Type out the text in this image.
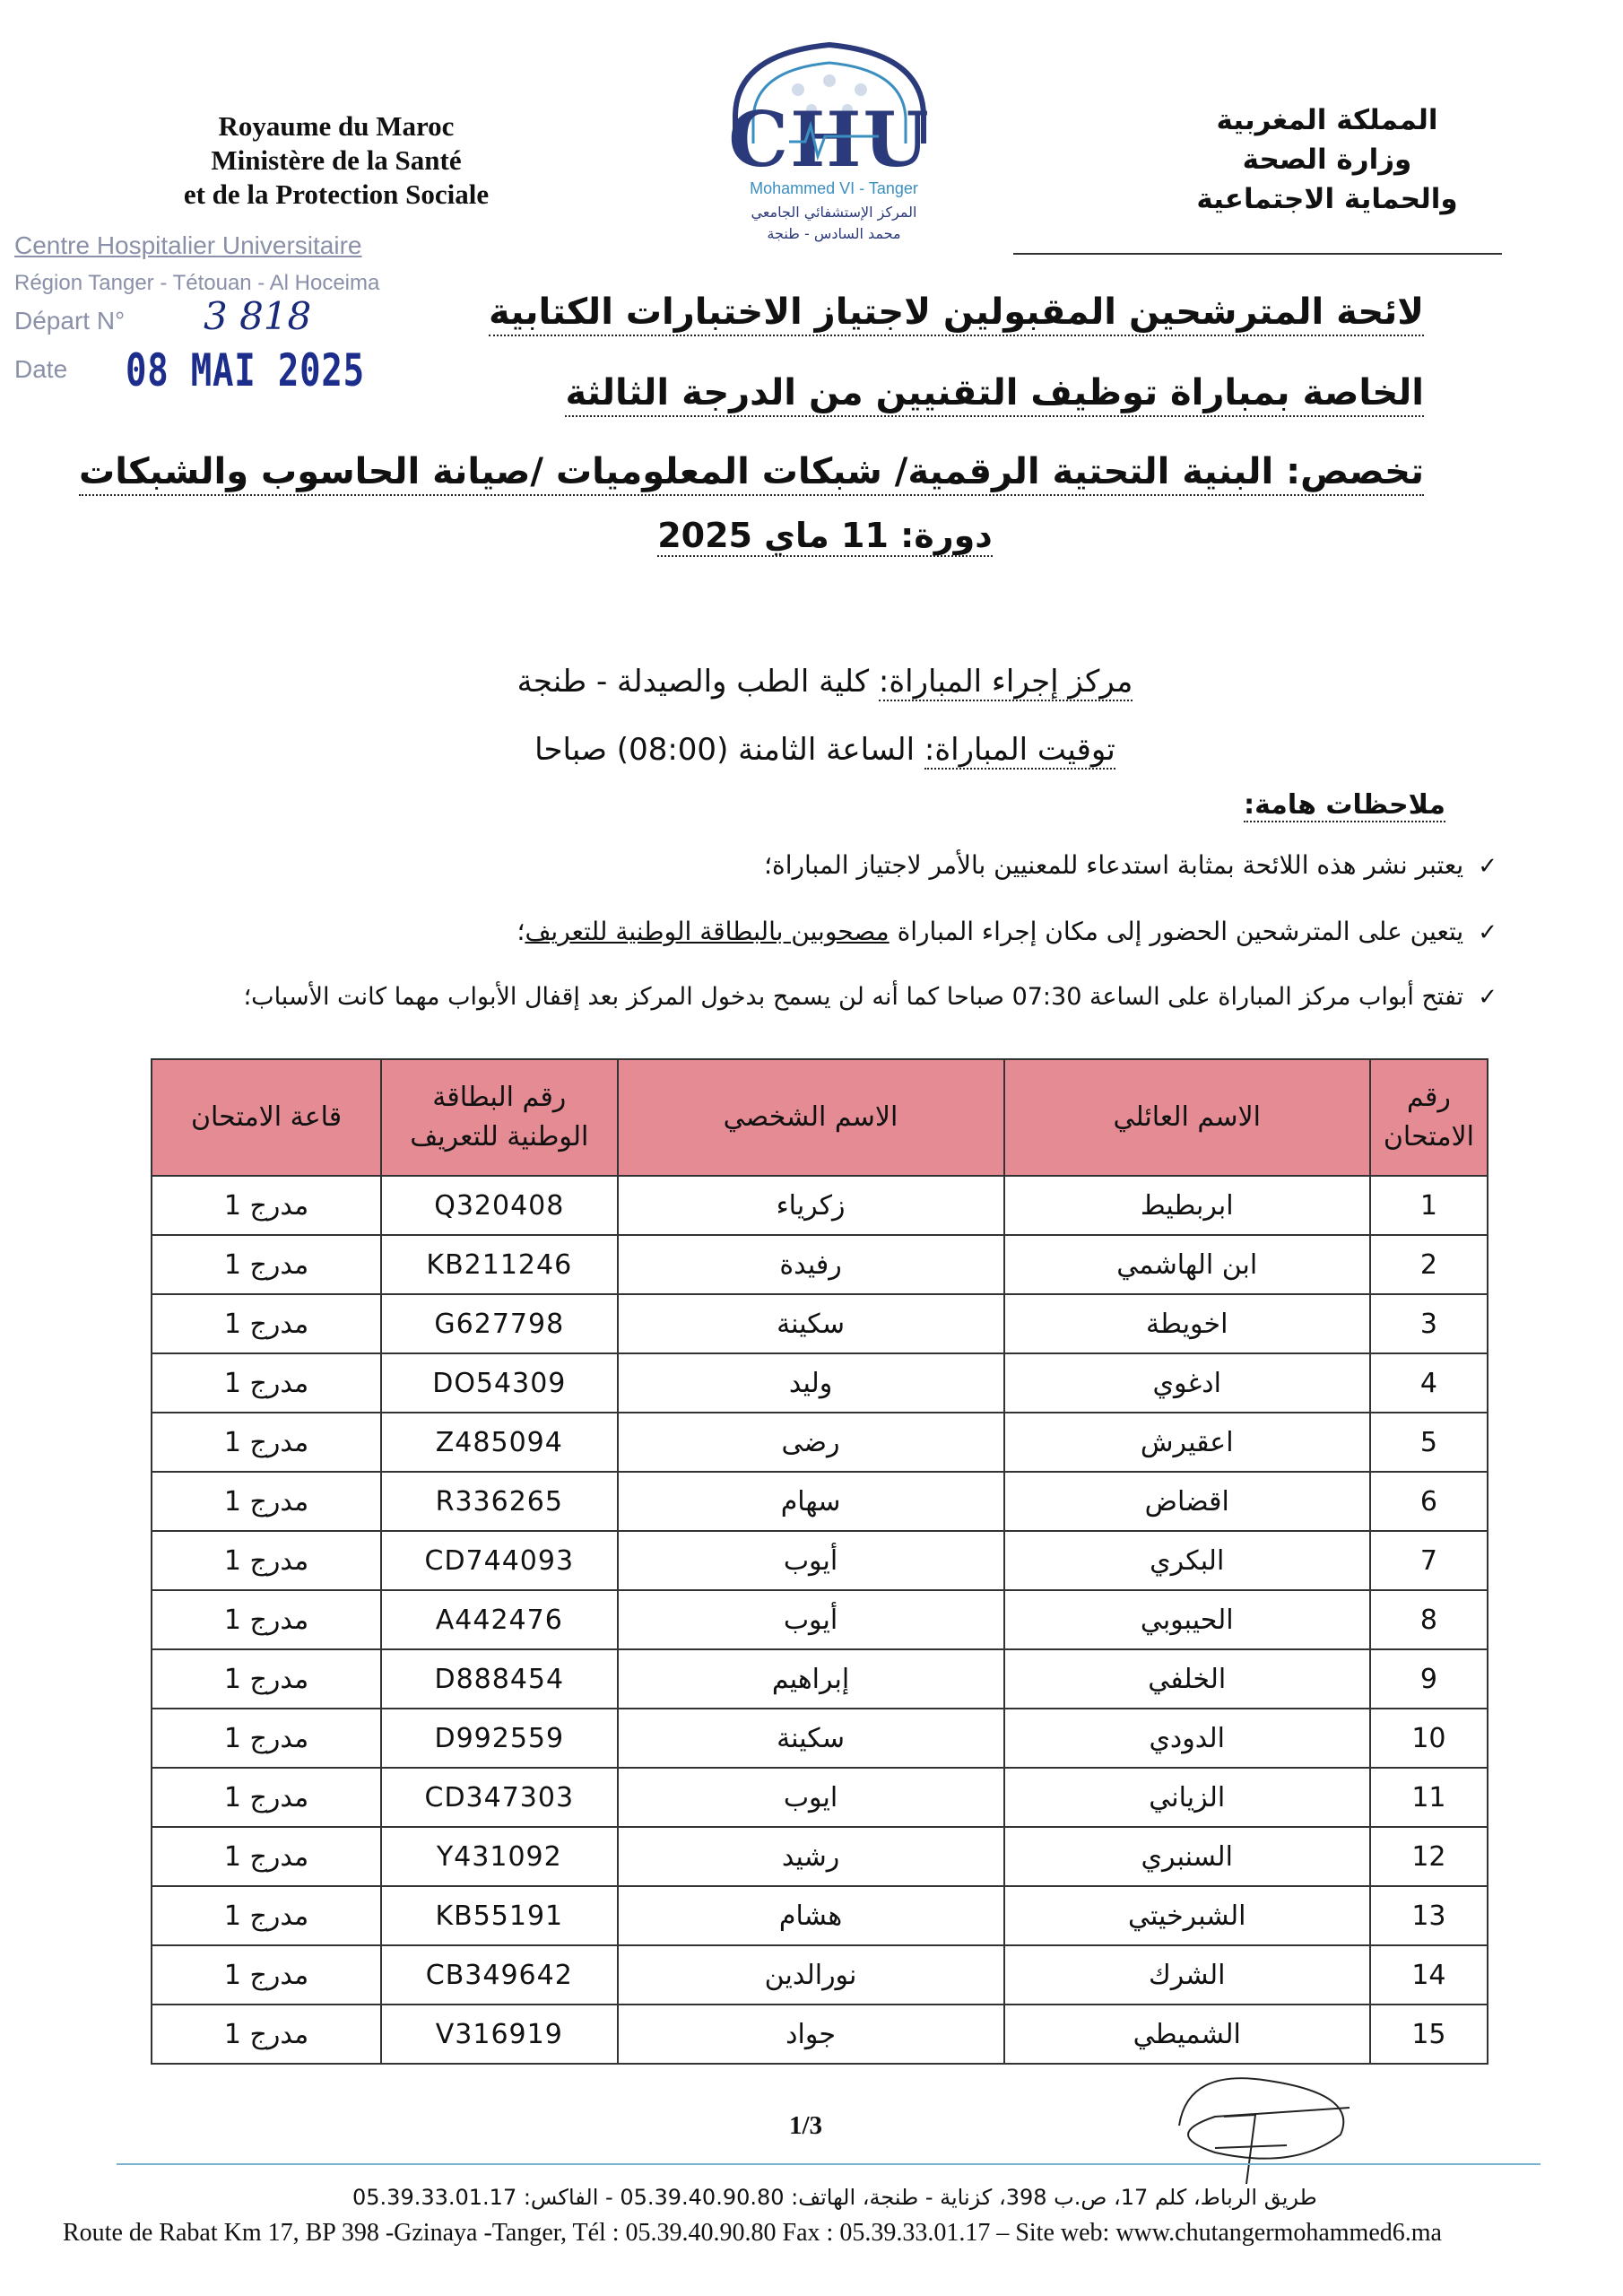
Royaume du Maroc
Ministère de la Santé
et de la Protection Sociale
CHU
Mohammed VI - Tanger
المركز الإستشفائي الجامعي
محمد السادس - طنجة
المملكة المغربية
وزارة الصحة
والحماية الاجتماعية
Centre Hospitalier Universitaire
Région Tanger - Tétouan - Al Hoceima
Départ N° 3 818
Date 08 MAI 2025
لائحة المترشحين المقبولين لاجتياز الاختبارات الكتابية
الخاصة بمباراة توظيف التقنيين من الدرجة الثالثة
تخصص: البنية التحتية الرقمية/ شبكات المعلوميات /صيانة الحاسوب والشبكات
دورة: 11 ماي 2025
مركز إجراء المباراة: كلية الطب والصيدلة - طنجة
توقيت المباراة: الساعة الثامنة (08:00) صباحا
ملاحظات هامة:
✓يعتبر نشر هذه اللائحة بمثابة استدعاء للمعنيين بالأمر لاجتياز المباراة؛
✓يتعين على المترشحين الحضور إلى مكان إجراء المباراة مصحوبين بالبطاقة الوطنية للتعريف؛
✓تفتح أبواب مركز المباراة على الساعة 07:30 صباحا كما أنه لن يسمح بدخول المركز بعد إقفال الأبواب مهما كانت الأسباب؛
رقم الامتحان	الاسم العائلي	الاسم الشخصي	رقم البطاقة الوطنية للتعريف	قاعة الامتحان
1	ابربطيط	زكرياء	Q320408	مدرج 1
2	ابن الهاشمي	رفيدة	KB211246	مدرج 1
3	اخويطة	سكينة	G627798	مدرج 1
4	ادغوي	وليد	DO54309	مدرج 1
5	اعقيرش	رضى	Z485094	مدرج 1
6	اقضاض	سهام	R336265	مدرج 1
7	البكري	أيوب	CD744093	مدرج 1
8	الحيبوبي	أيوب	A442476	مدرج 1
9	الخلفي	إبراهيم	D888454	مدرج 1
10	الدودي	سكينة	D992559	مدرج 1
11	الزياني	ايوب	CD347303	مدرج 1
12	السنبري	رشيد	Y431092	مدرج 1
13	الشبرخيتي	هشام	KB55191	مدرج 1
14	الشرك	نورالدين	CB349642	مدرج 1
15	الشميطي	جواد	V316919	مدرج 1
1/3
طريق الرباط، كلم 17، ص.ب 398، كزناية - طنجة، الهاتف: 05.39.40.90.80 - الفاكس: 05.39.33.01.17
Route de Rabat Km 17, BP 398 -Gzinaya -Tanger, Tél : 05.39.40.90.80 Fax : 05.39.33.01.17 – Site web: www.chutangermohammed6.ma
